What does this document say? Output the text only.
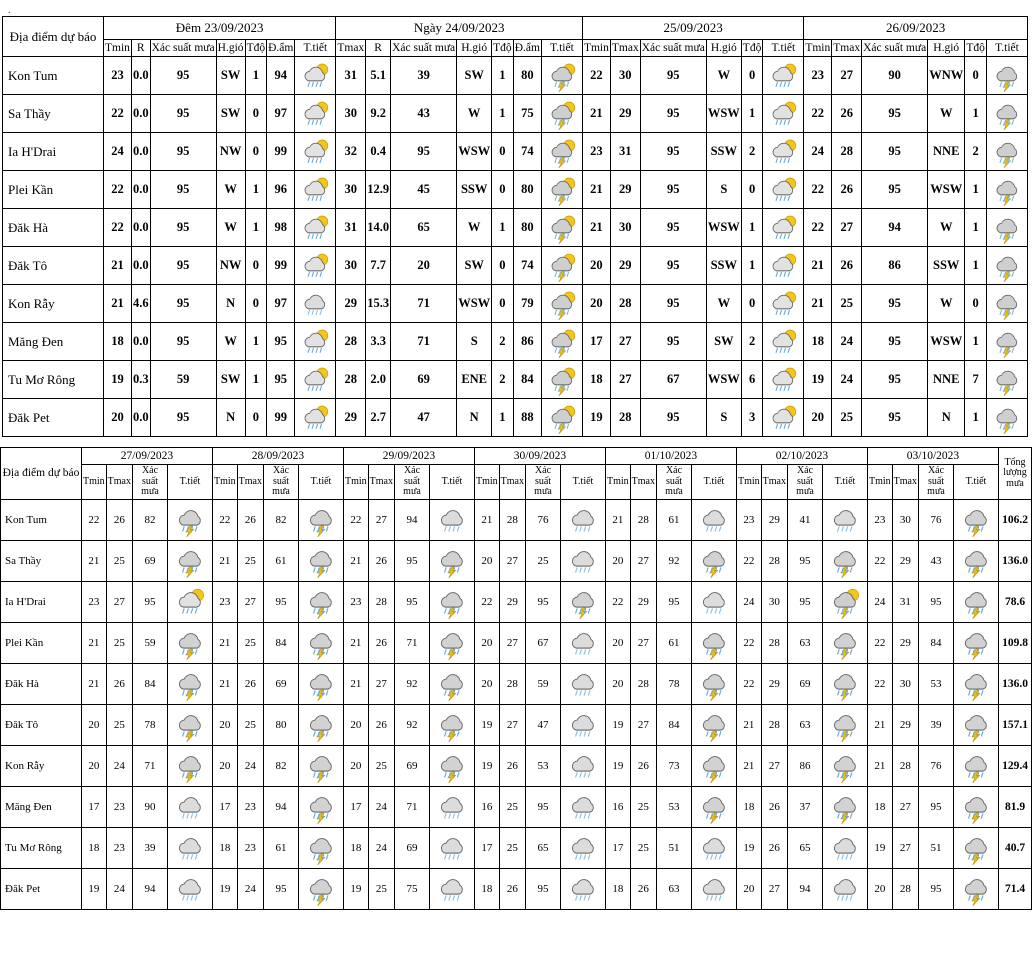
.
Địa điểm dự báo	Đêm 23/09/2023							Ngày 24/09/2023							25/09/2023						26/09/2023					
	Tmin	R	Xác suất mưa	H.gió	Tđộ	Đ.ẩm	T.tiết	Tmax	R	Xác suất mưa	H.gió	Tđộ	Đ.ẩm	T.tiết	Tmin	Tmax	Xác suất mưa	H.gió	Tđộ	T.tiết	Tmin	Tmax	Xác suất mưa	H.gió	Tđộ	T.tiết
Kon Tum	23	0.0	95	SW	1	94		31	5.1	39	SW	1	80		22	30	95	W	0		23	27	90	WNW	0	

Sa Thầy	22	0.0	95	SW	0	97		30	9.2	43	W	1	75		21	29	95	WSW	1		22	26	95	W	1	

Ia H'Drai	24	0.0	95	NW	0	99		32	0.4	95	WSW	0	74		23	31	95	SSW	2		24	28	95	NNE	2	

Plei Kần	22	0.0	95	W	1	96		30	12.9	45	SSW	0	80		21	29	95	S	0		22	26	95	WSW	1	

Đăk Hà	22	0.0	95	W	1	98		31	14.0	65	W	1	80		21	30	95	WSW	1		22	27	94	W	1	

Đăk Tô	21	0.0	95	NW	0	99		30	7.7	20	SW	0	74		20	29	95	SSW	1		21	26	86	SSW	1	

Kon Rẫy	21	4.6	95	N	0	97		29	15.3	71	WSW	0	79		20	28	95	W	0		21	25	95	W	0	

Măng Đen	18	0.0	95	W	1	95		28	3.3	71	S	2	86		17	27	95	SW	2		18	24	95	WSW	1	

Tu Mơ Rông	19	0.3	59	SW	1	95		28	2.0	69	ENE	2	84		18	27	67	WSW	6		19	24	95	NNE	7	

Đăk Pet	20	0.0	95	N	0	99		29	2.7	47	N	1	88		19	28	95	S	3		20	25	95	N	1	
Địa điểm dự báo	27/09/2023				28/09/2023				29/09/2023				30/09/2023				01/10/2023				02/10/2023				03/10/2023				Tổng lượng mưa
	Tmin	Tmax	Xác suất mưa	T.tiết	Tmin	Tmax	Xác suất mưa	T.tiết	Tmin	Tmax	Xác suất mưa	T.tiết	Tmin	Tmax	Xác suất mưa	T.tiết	Tmin	Tmax	Xác suất mưa	T.tiết	Tmin	Tmax	Xác suất mưa	T.tiết	Tmin	Tmax	Xác suất mưa	T.tiết	
Kon Tum	22	26	82		22	26	82		22	27	94		21	28	76		21	28	61		23	29	41		23	30	76		106.2
Sa Thầy	21	25	69		21	25	61		21	26	95		20	27	25		20	27	92		22	28	95		22	29	43		136.0
Ia H'Drai	23	27	95		23	27	95		23	28	95		22	29	95		22	29	95		24	30	95		24	31	95		78.6
Plei Kần	21	25	59		21	25	84		21	26	71		20	27	67		20	27	61		22	28	63		22	29	84		109.8
Đăk Hà	21	26	84		21	26	69		21	27	92		20	28	59		20	28	78		22	29	69		22	30	53		136.0
Đăk Tô	20	25	78		20	25	80		20	26	92		19	27	47		19	27	84		21	28	63		21	29	39		157.1
Kon Rẫy	20	24	71		20	24	82		20	25	69		19	26	53		19	26	73		21	27	86		21	28	76		129.4
Măng Đen	17	23	90		17	23	94		17	24	71		16	25	95		16	25	53		18	26	37		18	27	95		81.9
Tu Mơ Rông	18	23	39		18	23	61		18	24	69		17	25	65		17	25	51		19	26	65		19	27	51		40.7
Đăk Pet	19	24	94		19	24	95		19	25	75		18	26	95		18	26	63		20	27	94		20	28	95		71.4
